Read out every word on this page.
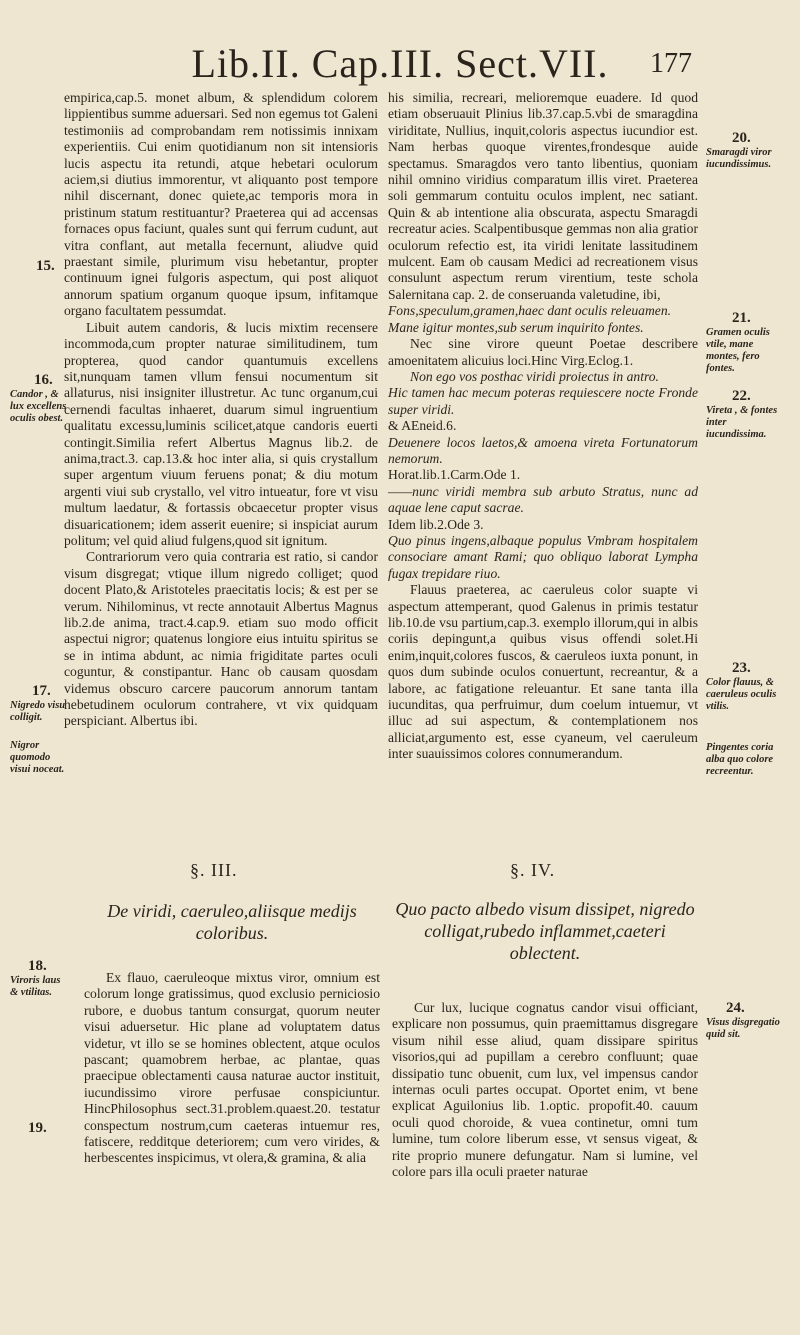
Lib.II. Cap.III. Sect.VII.	177
15.
16.
Candor , & lux excellens oculis obest.
17.
Nigredo visu colligit.
Nigror quomodo visui noceat.
18.
Viroris laus & vtilitas.
19.
20.
Smaragdi viror iucundissimus.
21.
Gramen oculis vtile, mane montes, fero fontes.
22.
Vireta , & fontes inter iucundissima.
23.
Color flauus, & caeruleus oculis vtilis.
Pingentes coria alba quo colore recreentur.
24.
Visus disgregatio quid sit.

empirica,cap.5. monet album, & splendidum colorem lippientibus summe aduersari. Sed non egemus tot Galeni testimoniis ad comprobandam rem notissimis innixam experientiis. Cui enim quotidianum non sit intensioris lucis aspectu ita retundi, atque hebetari oculorum aciem,si diutius immorentur, vt aliquanto post tempore nihil discernant, donec quiete,ac temporis mora in pristinum statum restituantur? Praeterea qui ad accensas fornaces opus faciunt, quales sunt qui ferrum cudunt, aut vitra conflant, aut metalla fecernunt, aliudve quid praestant simile, plurimum visu hebetantur, propter continuum ignei fulgoris aspectum, qui post aliquot annorum spatium organum quoque ipsum, infitamque organo facultatem pessumdat.

Libuit autem candoris, & lucis mixtim recensere incommoda,cum propter naturae similitudinem, tum propterea, quod candor quantumuis excellens sit,nunquam tamen vllum fensui nocumentum sit allaturus, nisi insigniter illustretur. Ac tunc organum,cui cernendi facultas inhaeret, duarum simul ingruentium qualitatu excessu,luminis scilicet,atque candoris euerti contingit.Similia refert Albertus Magnus lib.2. de anima,tract.3. cap.13.& hoc inter alia, si quis crystallum super argentum viuum feruens ponat; & diu motum argenti viui sub crystallo, vel vitro intueatur, fore vt visu multum laedatur, & fortassis obcaecetur propter visus disuaricationem; idem asserit euenire; si inspiciat aurum politum; vel quid aliud fulgens,quod sit ignitum.

Contrariorum vero quia contraria est ratio, si candor visum disgregat; vtique illum nigredo colliget; quod docent Plato,& Aristoteles praecitatis locis; & est per se verum. Nihilominus, vt recte annotauit Albertus Magnus lib.2.de anima, tract.4.cap.9. etiam suo modo officit aspectui nigror; quatenus longiore eius intuitu spiritus se se in intima abdunt, ac nimia frigiditate partes oculi coguntur, & constipantur. Hanc ob causam quosdam videmus obscuro carcere paucorum annorum tantam hebetudinem oculorum contrahere, vt vix quidquam perspiciant. Albertus ibi.

his similia, recreari, melioremque euadere. Id quod etiam obseruauit Plinius lib.37.cap.5.vbi de smaragdina viriditate, Nullius, inquit,coloris aspectus iucundior est. Nam herbas quoque virentes,frondesque auide spectamus. Smaragdos vero tanto libentius, quoniam nihil omnino viridius comparatum illis viret. Praeterea soli gemmarum contuitu oculos implent, nec satiant. Quin & ab intentione alia obscurata, aspectu Smaragdi recreatur acies. Scalpentibusque gemmas non alia gratior oculorum refectio est, ita viridi lenitate lassitudinem mulcent. Eam ob causam Medici ad recreationem visus consulunt aspectum rerum virentium, teste schola Salernitana cap. 2. de conseruanda valetudine, ibi,

Fons,speculum,gramen,haec dant oculis releuamen.

Mane igitur montes,sub serum inquirito fontes.

Nec sine virore queunt Poetae describere amoenitatem alicuius loci.Hinc Virg.Eclog.1.

Non ego vos posthac viridi proiectus in antro.

Hic tamen hac mecum poteras requiescere nocte Fronde super viridi.

& AEneid.6.

Deuenere locos laetos,& amoena vireta Fortunatorum nemorum.

Horat.lib.1.Carm.Ode 1.

——nunc viridi membra sub arbuto Stratus, nunc ad aquae lene caput sacrae.

Idem lib.2.Ode 3.

Quo pinus ingens,albaque populus Vmbram hospitalem consociare amant Rami; quo obliquo laborat Lympha fugax trepidare riuo.

Flauus praeterea, ac caeruleus color suapte vi aspectum attemperant, quod Galenus in primis testatur lib.10.de vsu partium,cap.3. exemplo illorum,qui in albis coriis depingunt,a quibus visus offendi solet.Hi enim,inquit,colores fuscos, & caeruleos iuxta ponunt, in quos dum subinde oculos conuertunt, recreantur, & a labore, ac fatigatione releuantur. Et sane tanta illa iucunditas, qua perfruimur, dum coelum intuemur, vt illuc ad sui aspectum, & contemplationem nos alliciat,argumento est, esse cyaneum, vel caeruleum inter suauissimos colores connumerandum.

§. III.
De viridi, caeruleo,aliisque medijs coloribus.

Ex flauo, caeruleoque mixtus viror, omnium est colorum longe gratissimus, quod exclusio perniciosio rubore, e duobus tantum consurgat, quorum neuter visui aduersetur. Hic plane ad voluptatem datus videtur, vt illo se se homines oblectent, atque oculos pascant; quamobrem herbae, ac plantae, quas praecipue oblectamenti causa naturae auctor instituit, iucundissimo virore perfusae conspiciuntur. HincPhilosophus sect.31.problem.quaest.20. testatur conspectum nostrum,cum caeteras intuemur res, fatiscere, redditque deteriorem; cum vero virides, & herbescentes inspicimus, vt olera,& gramina, & alia

§. IV.
Quo pacto albedo visum dissipet, nigredo colligat,rubedo inflammet,caeteri oblectent.

Cur lux, lucique cognatus candor visui officiant, explicare non possumus, quin praemittamus disgregare visum nihil esse aliud, quam dissipare spiritus visorios,qui ad pupillam a cerebro confluunt; quae dissipatio tunc obuenit, cum lux, vel impensus candor internas oculi partes occupat. Oportet enim, vt bene explicat Aguilonius lib. 1.optic. propofit.40. cauum oculi quod choroide, & vuea continetur, omni tum lumine, tum colore liberum esse, vt sensus vigeat, & rite proprio munere defungatur. Nam si lumine, vel colore pars illa oculi praeter naturae
